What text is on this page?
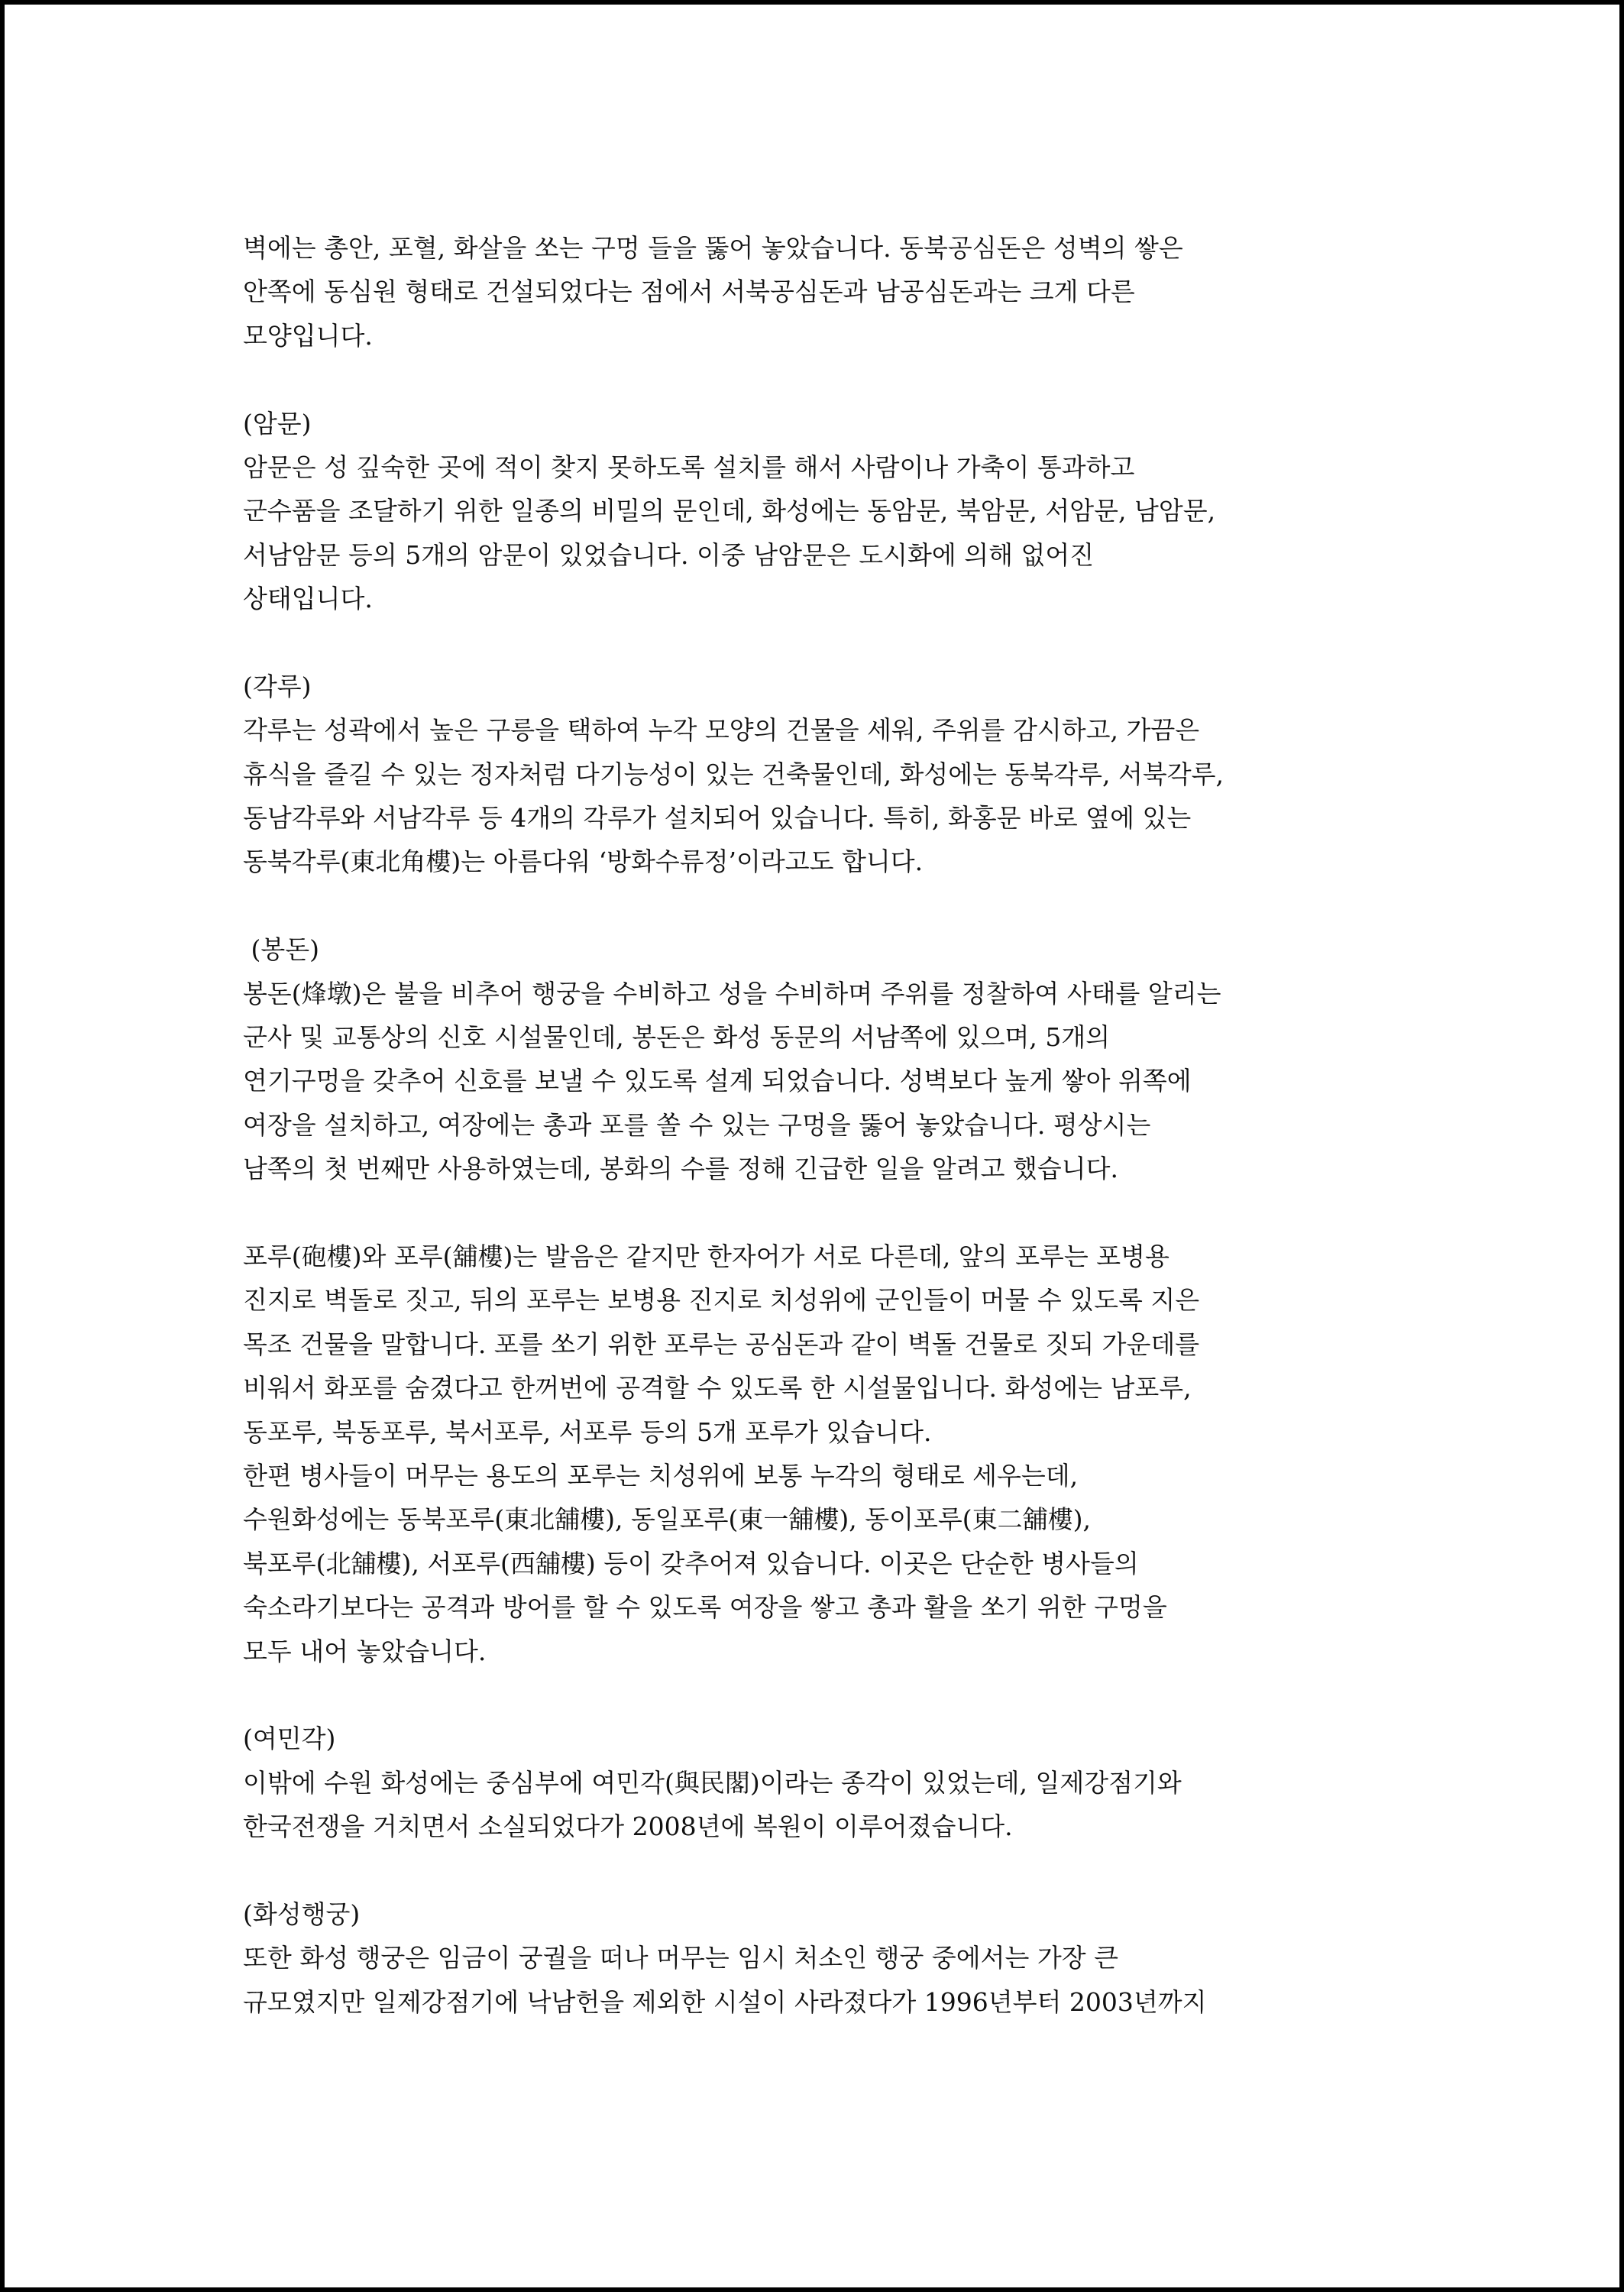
벽에는 총안, 포혈, 화살을 쏘는 구멍 들을 뚫어 놓았습니다. 동북공심돈은 성벽의 쌓은
안쪽에 동심원 형태로 건설되었다는 점에서 서북공심돈과 남공심돈과는 크게 다른
모양입니다.
(암문)
암문은 성 깊숙한 곳에 적이 찾지 못하도록 설치를 해서 사람이나 가축이 통과하고
군수품을 조달하기 위한 일종의 비밀의 문인데, 화성에는 동암문, 북암문, 서암문, 남암문,
서남암문 등의 5개의 암문이 있었습니다. 이중 남암문은 도시화에 의해 없어진
상태입니다.
(각루)
각루는 성곽에서 높은 구릉을 택하여 누각 모양의 건물을 세워, 주위를 감시하고, 가끔은
휴식을 즐길 수 있는 정자처럼 다기능성이 있는 건축물인데, 화성에는 동북각루, 서북각루,
동남각루와 서남각루 등 4개의 각루가 설치되어 있습니다. 특히, 화홍문 바로 옆에 있는
동북각루(東北角樓)는 아름다워 ‘방화수류정’이라고도 합니다.
(봉돈)
봉돈(烽墩)은 불을 비추어 행궁을 수비하고 성을 수비하며 주위를 정찰하여 사태를 알리는
군사 및 교통상의 신호 시설물인데, 봉돈은 화성 동문의 서남쪽에 있으며, 5개의
연기구멍을 갖추어 신호를 보낼 수 있도록 설계 되었습니다. 성벽보다 높게 쌓아 위쪽에
여장을 설치하고, 여장에는 총과 포를 쏠 수 있는 구멍을 뚫어 놓았습니다. 평상시는
남쪽의 첫 번째만 사용하였는데, 봉화의 수를 정해 긴급한 일을 알려고 했습니다.
포루(砲樓)와 포루(舖樓)는 발음은 같지만 한자어가 서로 다른데, 앞의 포루는 포병용
진지로 벽돌로 짓고, 뒤의 포루는 보병용 진지로 치성위에 군인들이 머물 수 있도록 지은
목조 건물을 말합니다. 포를 쏘기 위한 포루는 공심돈과 같이 벽돌 건물로 짓되 가운데를
비워서 화포를 숨겼다고 한꺼번에 공격할 수 있도록 한 시설물입니다. 화성에는 남포루,
동포루, 북동포루, 북서포루, 서포루 등의 5개 포루가 있습니다.
한편 병사들이 머무는 용도의 포루는 치성위에 보통 누각의 형태로 세우는데,
수원화성에는 동북포루(東北舖樓), 동일포루(東一舖樓), 동이포루(東二舖樓),
북포루(北舖樓), 서포루(西舖樓) 등이 갖추어져 있습니다. 이곳은 단순한 병사들의
숙소라기보다는 공격과 방어를 할 수 있도록 여장을 쌓고 총과 활을 쏘기 위한 구멍을
모두 내어 놓았습니다.
(여민각)
이밖에 수원 화성에는 중심부에 여민각(與民閣)이라는 종각이 있었는데, 일제강점기와
한국전쟁을 거치면서 소실되었다가 2008년에 복원이 이루어졌습니다.
(화성행궁)
또한 화성 행궁은 임금이 궁궐을 떠나 머무는 임시 처소인 행궁 중에서는 가장 큰
규모였지만 일제강점기에 낙남헌을 제외한 시설이 사라졌다가 1996년부터 2003년까지
